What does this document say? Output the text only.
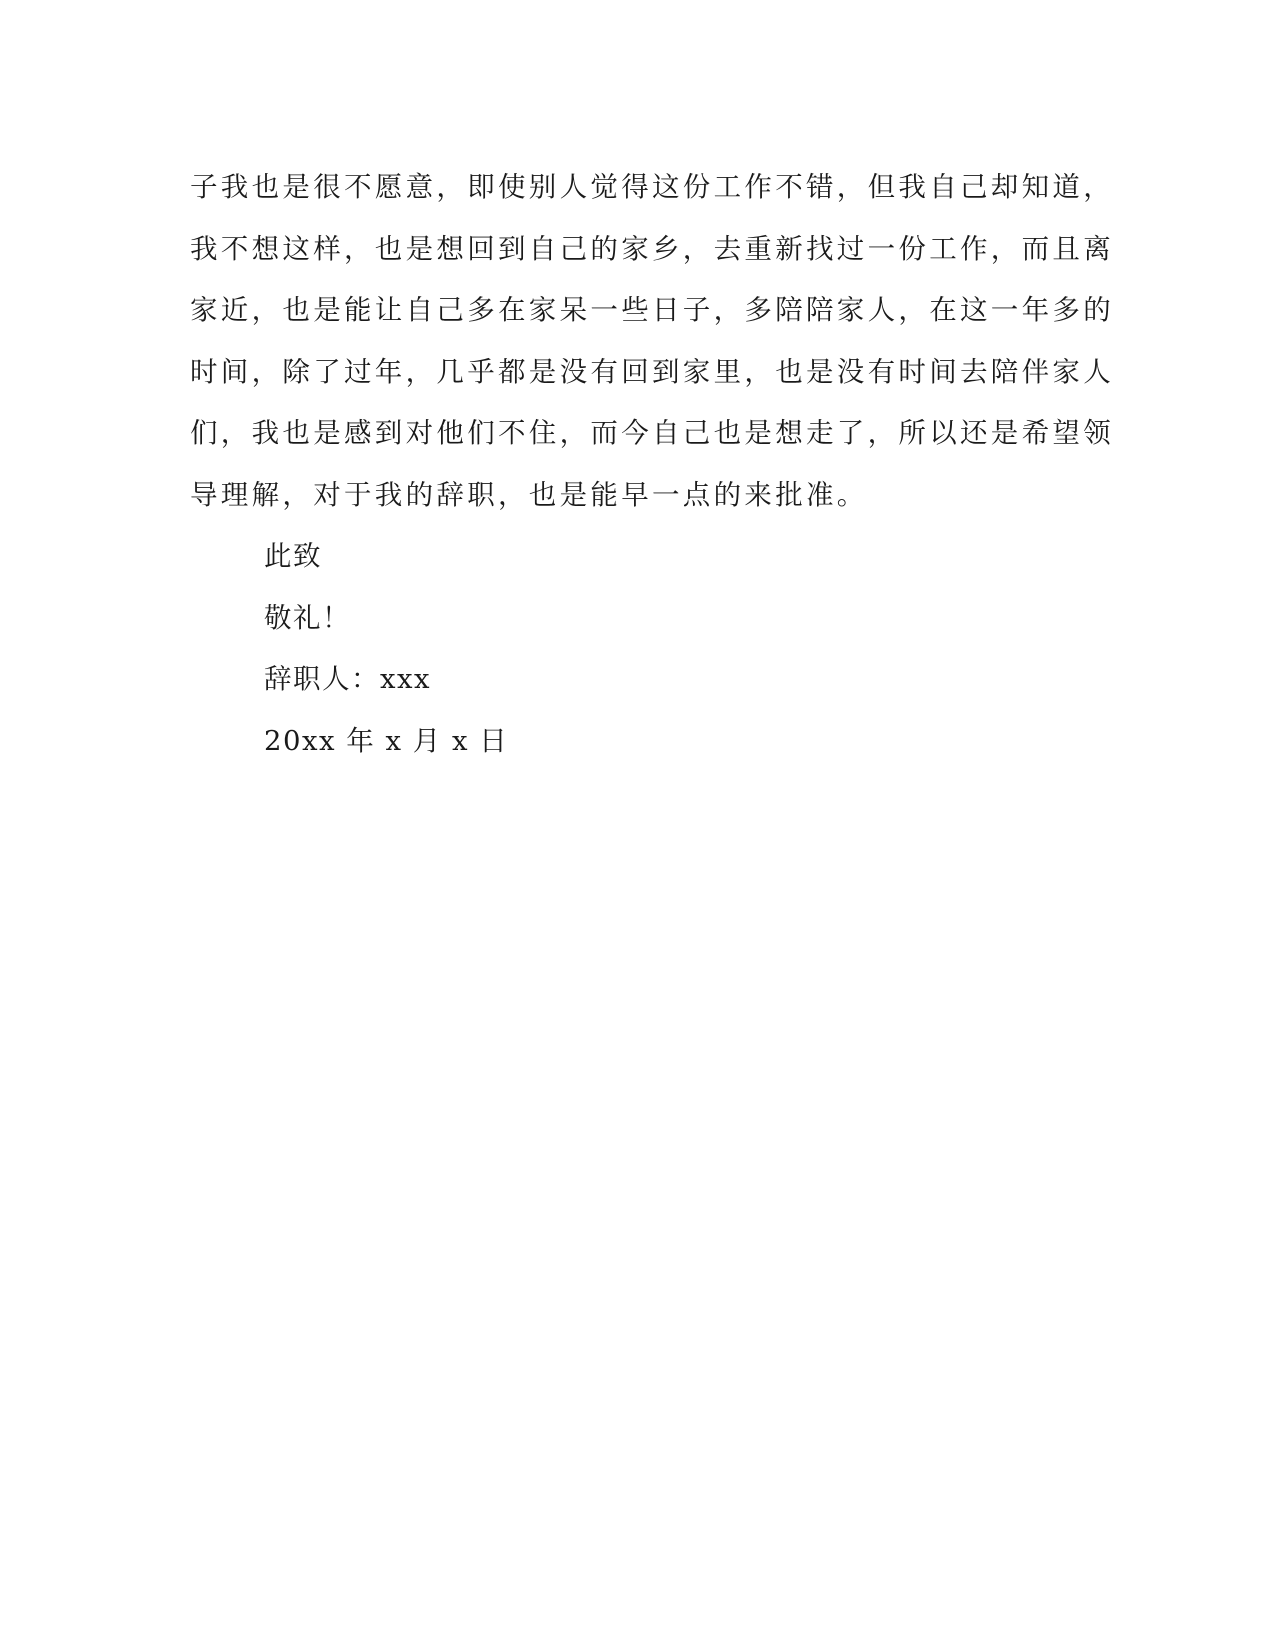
子我也是很不愿意，即使别人觉得这份工作不错，但我自己却知道，
我不想这样，也是想回到自己的家乡，去重新找过一份工作，而且离
家近，也是能让自己多在家呆一些日子，多陪陪家人，在这一年多的
时间，除了过年，几乎都是没有回到家里，也是没有时间去陪伴家人
们，我也是感到对他们不住，而今自己也是想走了，所以还是希望领
导理解，对于我的辞职，也是能早一点的来批准。
此致
敬礼！
辞职人：xxx
20xx 年 x 月 x 日
